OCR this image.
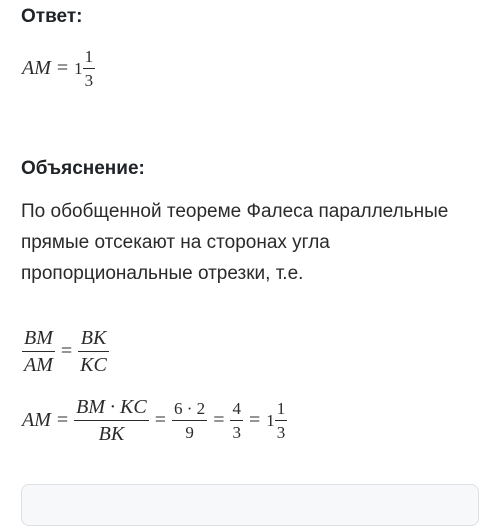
Ответ:
AM = $1 \frac{1}{3}$
Объяснение:

По обобщенной теореме Фалеса параллельные прямые отсекают на сторонах угла пропорциональные отрезки, т.е.

$\frac{BM}{AM} = \frac{BK}{KC}$
AM = $\frac{BM \cdot KC}{BK} = \frac{6 \cdot 2}{9} = \frac{4}{3} = 1 \frac{1}{3}$
